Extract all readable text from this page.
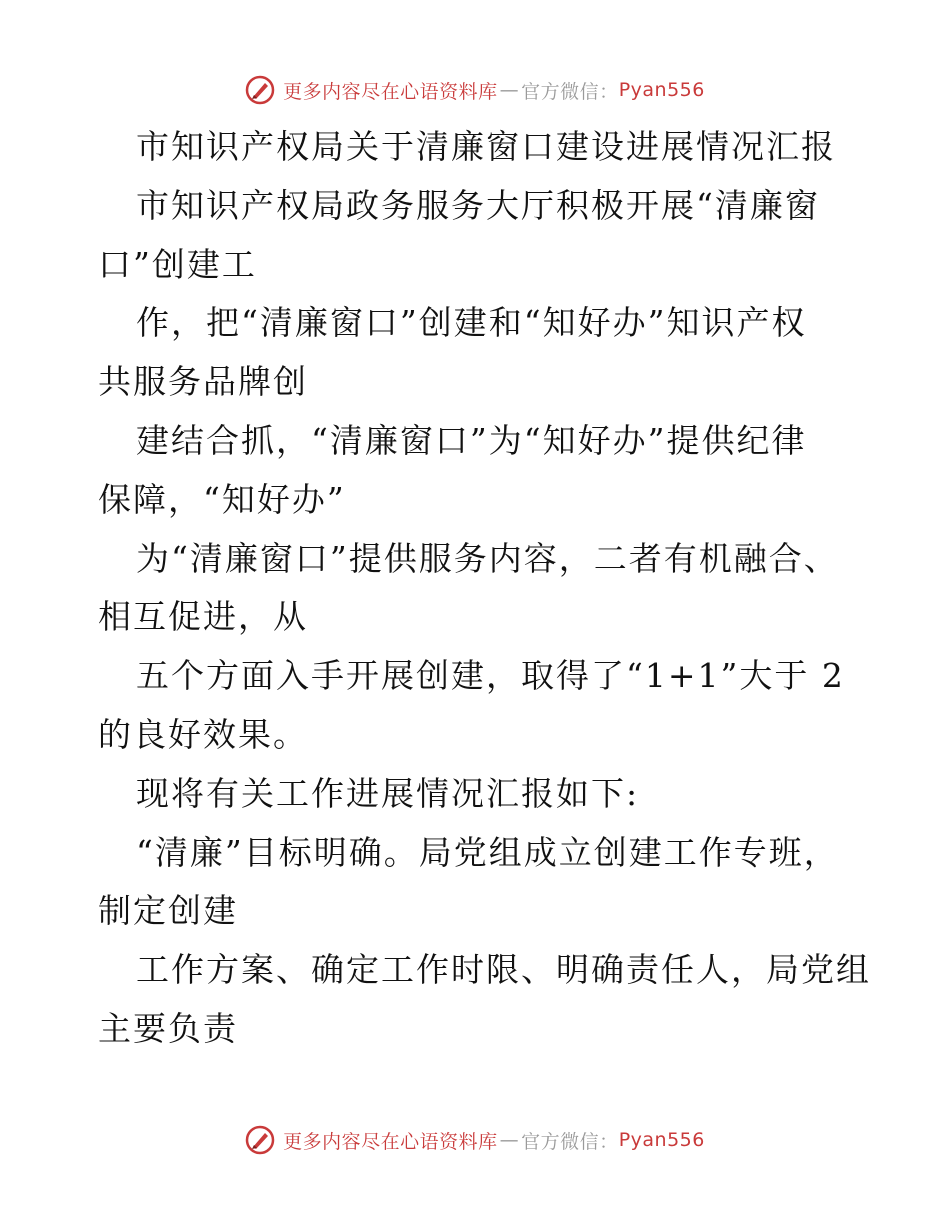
更多内容尽在心语资料库 — 官方微信： Pyan556
市知识产权局关于清廉窗口建设进展情况汇报
市知识产权局政务服务大厅积极开展“清廉窗
口”创建工
作，把“清廉窗口”创建和“知好办”知识产权
共服务品牌创
建结合抓，“清廉窗口”为“知好办”提供纪律
保障，“知好办”
为“清廉窗口”提供服务内容，二者有机融合、
相互促进，从
五个方面入手开展创建，取得了“1+1”大于 2
的良好效果。
现将有关工作进展情况汇报如下:
“清廉”目标明确。局党组成立创建工作专班，
制定创建
工作方案、确定工作时限、明确责任人，局党组
主要负责
更多内容尽在心语资料库 — 官方微信： Pyan556
